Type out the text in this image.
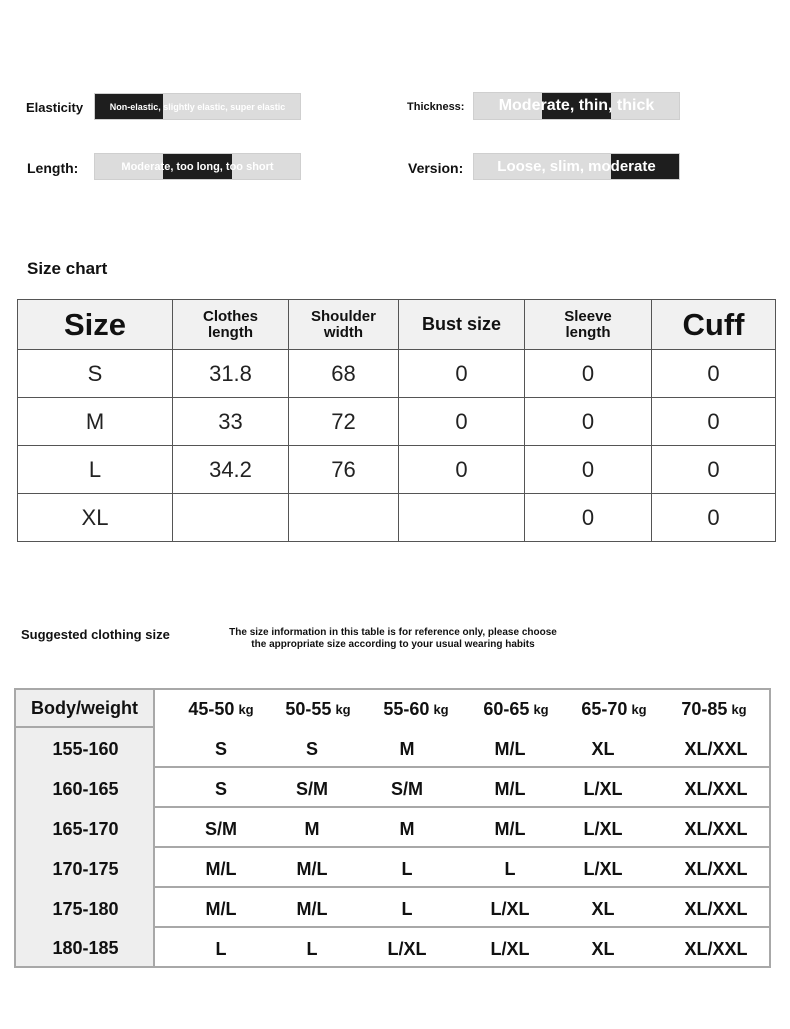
Elasticity	Non-elastic, slightly elastic, super elastic	Thickness:	Moderate, thin, thick
Length:	Moderate, too long, too short	Version:	Loose, slim, moderate
Size chart
Size	Clothes length	Shoulder width	Bust size	Sleeve length	Cuff
S	31.8	68	0	0	0
M	33	72	0	0	0
L	34.2	76	0	0	0
XL				0	0
Suggested clothing size	The size information in this table is for reference only, please choose
the appropriate size according to your usual wearing habits
Body/weight	45-50 kg 50-55 kg 55-60 kg 60-65 kg 65-70 kg 70-85 kg
155-160	S	S	M	M/L	XL	XL/XXL
160-165	S	S/M	S/M	M/L	L/XL	XL/XXL
165-170	S/M	M	M	M/L	L/XL	XL/XXL
170-175	M/L	M/L	L	L	L/XL	XL/XXL
175-180	M/L	M/L	L	L/XL	XL	XL/XXL
180-185	L	L	L/XL	L/XL	XL	XL/XXL
